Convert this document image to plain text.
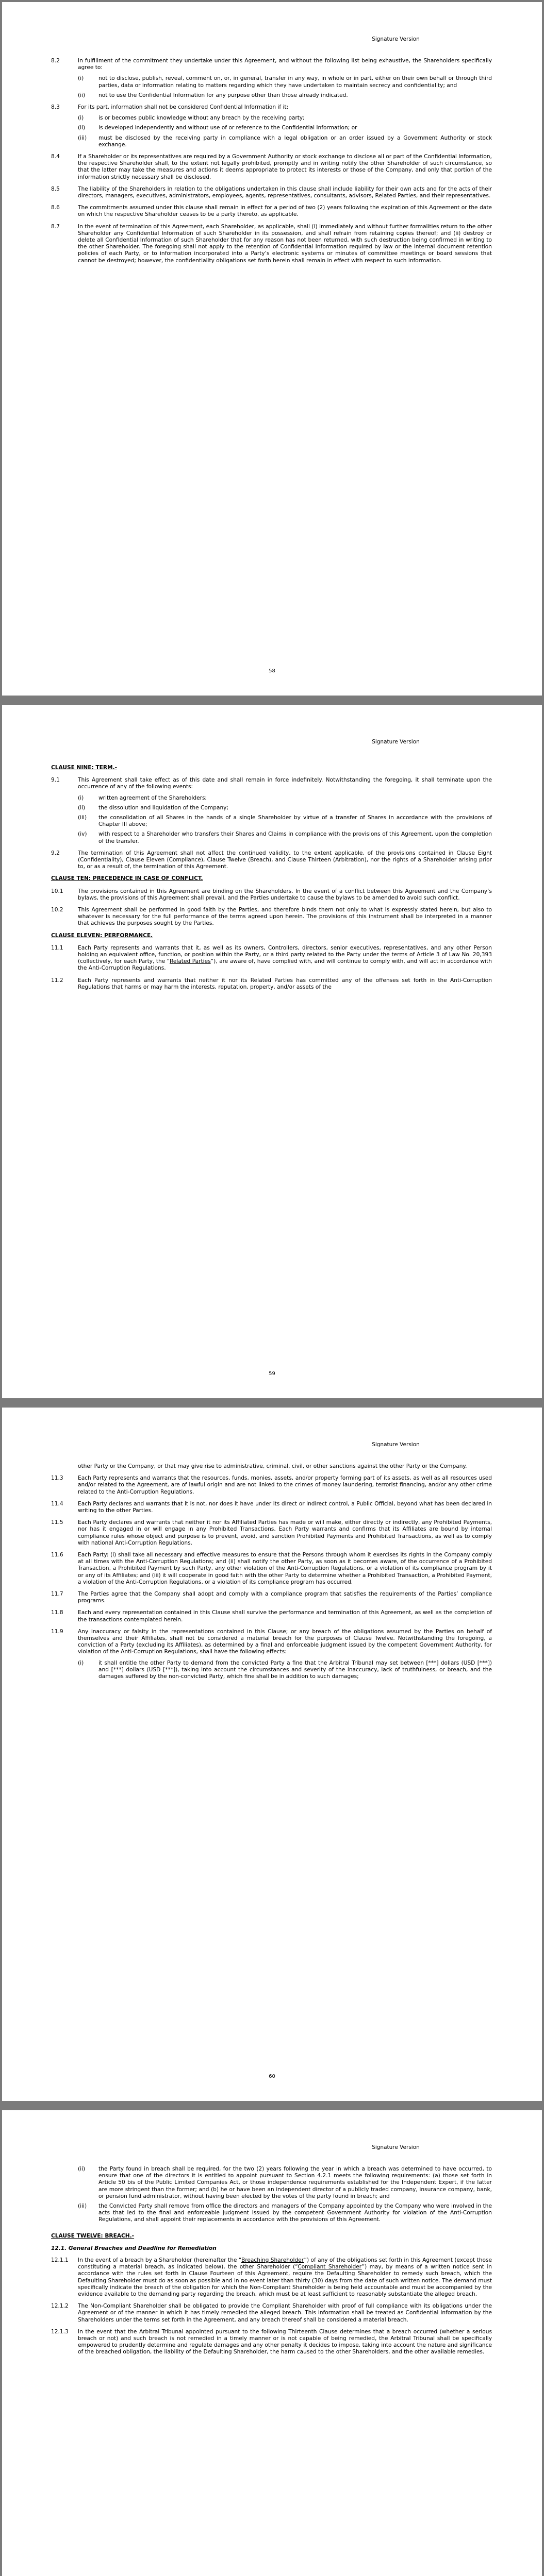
Signature Version
8.2	In fulfillment of the commitment they undertake under this Agreement, and without the following list being exhaustive, the Shareholders specifically agree to:

(i)	not to disclose, publish, reveal, comment on, or, in general, transfer in any way, in whole or in part, either on their own behalf or through third parties, data or information relating to matters regarding which they have undertaken to maintain secrecy and confidentiality; and
(ii)	not to use the Confidential Information for any purpose other than those already indicated.
8.3	For its part, information shall not be considered Confidential Information if it:

(i)	is or becomes public knowledge without any breach by the receiving party;
(ii)	is developed independently and without use of or reference to the Confidential Information; or
(iii)	must be disclosed by the receiving party in compliance with a legal obligation or an order issued by a Government Authority or stock exchange.
8.4	If a Shareholder or its representatives are required by a Government Authority or stock exchange to disclose all or part of the Confidential Information, the respective Shareholder shall, to the extent not legally prohibited, promptly and in writing notify the other Shareholder of such circumstance, so that the latter may take the measures and actions it deems appropriate to protect its interests or those of the Company, and only that portion of the information strictly necessary shall be disclosed.

8.5	The liability of the Shareholders in relation to the obligations undertaken in this clause shall include liability for their own acts and for the acts of their directors, managers, executives, administrators, employees, agents, representatives, consultants, advisors, Related Parties, and their representatives.

8.6	The commitments assumed under this clause shall remain in effect for a period of two (2) years following the expiration of this Agreement or the date on which the respective Shareholder ceases to be a party thereto, as applicable.

8.7	In the event of termination of this Agreement, each Shareholder, as applicable, shall (i) immediately and without further formalities return to the other Shareholder any Confidential Information of such Shareholder in its possession, and shall refrain from retaining copies thereof; and (ii) destroy or delete all Confidential Information of such Shareholder that for any reason has not been returned, with such destruction being confirmed in writing to the other Shareholder. The foregoing shall not apply to the retention of Confidential Information required by law or the internal document retention policies of each Party, or to information incorporated into a Party’s electronic systems or minutes of committee meetings or board sessions that cannot be destroyed; however, the confidentiality obligations set forth herein shall remain in effect with respect to such information.

58
Signature Version
CLAUSE NINE: TERM.-
9.1	This Agreement shall take effect as of this date and shall remain in force indefinitely. Notwithstanding the foregoing, it shall terminate upon the occurrence of any of the following events:

(i)	written agreement of the Shareholders;
(ii)	the dissolution and liquidation of the Company;
(iii)	the consolidation of all Shares in the hands of a single Shareholder by virtue of a transfer of Shares in accordance with the provisions of Chapter III above;
(iv)	with respect to a Shareholder who transfers their Shares and Claims in compliance with the provisions of this Agreement, upon the completion of the transfer.
9.2	The termination of this Agreement shall not affect the continued validity, to the extent applicable, of the provisions contained in Clause Eight (Confidentiality), Clause Eleven (Compliance), Clause Twelve (Breach), and Clause Thirteen (Arbitration), nor the rights of a Shareholder arising prior to, or as a result of, the termination of this Agreement.

CLAUSE TEN: PRECEDENCE IN CASE OF CONFLICT.
10.1	The provisions contained in this Agreement are binding on the Shareholders. In the event of a conflict between this Agreement and the Company’s bylaws, the provisions of this Agreement shall prevail, and the Parties undertake to cause the bylaws to be amended to avoid such conflict.

10.2	This Agreement shall be performed in good faith by the Parties, and therefore binds them not only to what is expressly stated herein, but also to whatever is necessary for the full performance of the terms agreed upon herein. The provisions of this instrument shall be interpreted in a manner that achieves the purposes sought by the Parties.

CLAUSE ELEVEN: PERFORMANCE.
11.1	Each Party represents and warrants that it, as well as its owners, Controllers, directors, senior executives, representatives, and any other Person holding an equivalent office, function, or position within the Party, or a third party related to the Party under the terms of Article 3 of Law No. 20,393 (collectively, for each Party, the “Related Parties”), are aware of, have complied with, and will continue to comply with, and will act in accordance with the Anti-Corruption Regulations.

11.2	Each Party represents and warrants that neither it nor its Related Parties has committed any of the offenses set forth in the Anti-Corruption Regulations that harms or may harm the interests, reputation, property, and/or assets of the

59
Signature Version

other Party or the Company, or that may give rise to administrative, criminal, civil, or other sanctions against the other Party or the Company.

11.3	Each Party represents and warrants that the resources, funds, monies, assets, and/or property forming part of its assets, as well as all resources used and/or related to the Agreement, are of lawful origin and are not linked to the crimes of money laundering, terrorist financing, and/or any other crime related to the Anti-Corruption Regulations.

11.4	Each Party declares and warrants that it is not, nor does it have under its direct or indirect control, a Public Official, beyond what has been declared in writing to the other Parties.

11.5	Each Party declares and warrants that neither it nor its Affiliated Parties has made or will make, either directly or indirectly, any Prohibited Payments, nor has it engaged in or will engage in any Prohibited Transactions. Each Party warrants and confirms that its Affiliates are bound by internal compliance rules whose object and purpose is to prevent, avoid, and sanction Prohibited Payments and Prohibited Transactions, as well as to comply with national Anti-Corruption Regulations.

11.6	Each Party: (i) shall take all necessary and effective measures to ensure that the Persons through whom it exercises its rights in the Company comply at all times with the Anti-Corruption Regulations; and (ii) shall notify the other Party, as soon as it becomes aware, of the occurrence of a Prohibited Transaction, a Prohibited Payment by such Party, any other violation of the Anti-Corruption Regulations, or a violation of its compliance program by it or any of its Affiliates; and (iii) it will cooperate in good faith with the other Party to determine whether a Prohibited Transaction, a Prohibited Payment, a violation of the Anti-Corruption Regulations, or a violation of its compliance program has occurred.

11.7	The Parties agree that the Company shall adopt and comply with a compliance program that satisfies the requirements of the Parties’ compliance programs.

11.8	Each and every representation contained in this Clause shall survive the performance and termination of this Agreement, as well as the completion of the transactions contemplated herein.

11.9	Any inaccuracy or falsity in the representations contained in this Clause; or any breach of the obligations assumed by the Parties on behalf of themselves and their Affiliates, shall not be considered a material breach for the purposes of Clause Twelve. Notwithstanding the foregoing, a conviction of a Party (excluding its Affiliates), as determined by a final and enforceable judgment issued by the competent Government Authority, for violation of the Anti-Corruption Regulations, shall have the following effects:

(i)	it shall entitle the other Party to demand from the convicted Party a fine that the Arbitral Tribunal may set between [***] dollars (USD [***]) and [***] dollars (USD [***]), taking into account the circumstances and severity of the inaccuracy, lack of truthfulness, or breach, and the damages suffered by the non-convicted Party, which fine shall be in addition to such damages;
60
Signature Version
(ii)	the Party found in breach shall be required, for the two (2) years following the year in which a breach was determined to have occurred, to ensure that one of the directors it is entitled to appoint pursuant to Section 4.2.1 meets the following requirements: (a) those set forth in Article 50 bis of the Public Limited Companies Act, or those independence requirements established for the Independent Expert, if the latter are more stringent than the former; and (b) he or have been an independent director of a publicly traded company, insurance company, bank, or pension fund administrator, without having been elected by the votes of the party found in breach; and
(iii)	the Convicted Party shall remove from office the directors and managers of the Company appointed by the Company who were involved in the acts that led to the final and enforceable judgment issued by the competent Government Authority for violation of the Anti-Corruption Regulations, and shall appoint their replacements in accordance with the provisions of this Agreement.
CLAUSE TWELVE: BREACH.-
12.1. General Breaches and Deadline for Remediation
12.1.1	In the event of a breach by a Shareholder (hereinafter the “Breaching Shareholder”) of any of the obligations set forth in this Agreement (except those constituting a material breach, as indicated below), the other Shareholder (“Compliant Shareholder”) may, by means of a written notice sent in accordance with the rules set forth in Clause Fourteen of this Agreement, require the Defaulting Shareholder to remedy such breach, which the Defaulting Shareholder must do as soon as possible and in no event later than thirty (30) days from the date of such written notice. The demand must specifically indicate the breach of the obligation for which the Non-Compliant Shareholder is being held accountable and must be accompanied by the evidence available to the demanding party regarding the breach, which must be at least sufficient to reasonably substantiate the alleged breach.

12.1.2	The Non-Compliant Shareholder shall be obligated to provide the Compliant Shareholder with proof of full compliance with its obligations under the Agreement or of the manner in which it has timely remedied the alleged breach. This information shall be treated as Confidential Information by the Shareholders under the terms set forth in the Agreement, and any breach thereof shall be considered a material breach.

12.1.3	In the event that the Arbitral Tribunal appointed pursuant to the following Thirteenth Clause determines that a breach occurred (whether a serious breach or not) and such breach is not remedied in a timely manner or is not capable of being remedied, the Arbitral Tribunal shall be specifically empowered to prudently determine and regulate damages and any other penalty it decides to impose, taking into account the nature and significance of the breached obligation, the liability of the Defaulting Shareholder, the harm caused to the other Shareholders, and the other available remedies.
